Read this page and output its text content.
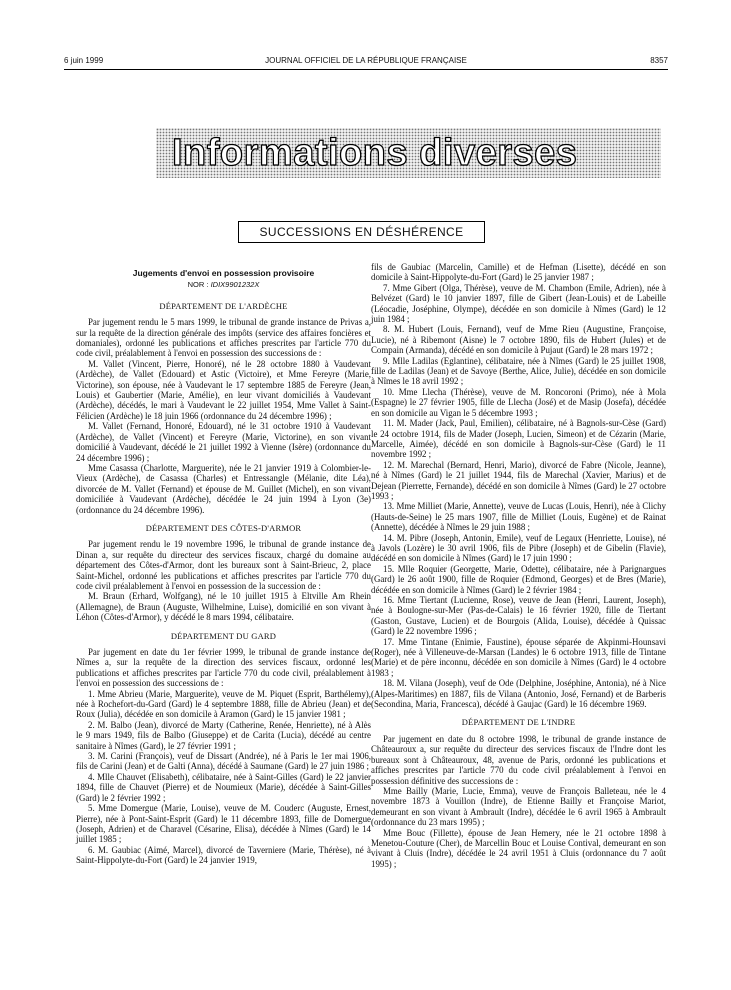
6 juin 1999	JOURNAL OFFICIEL DE LA RÉPUBLIQUE FRANÇAISE	8357
Informations diverses
SUCCESSIONS EN DÉSHÉRENCE
Jugements d'envoi en possession provisoire
NOR : IDIX9901232X
DÉPARTEMENT DE L'ARDÈCHE

Par jugement rendu le 5 mars 1999, le tribunal de grande instance de Privas a, sur la requête de la direction générale des impôts (service des affaires foncières et domaniales), ordonné les publications et affiches prescrites par l'article 770 du code civil, préalablement à l'envoi en possession des successions de :

M. Vallet (Vincent, Pierre, Honoré), né le 28 octobre 1880 à Vaudevant (Ardèche), de Vallet (Edouard) et Astic (Victoire), et Mme Fereyre (Marie, Victorine), son épouse, née à Vaudevant le 17 septembre 1885 de Fereyre (Jean, Louis) et Gaubertier (Marie, Amélie), en leur vivant domiciliés à Vaudevant (Ardèche), décédés, le mari à Vaudevant le 22 juillet 1954, Mme Vallet à Saint-Félicien (Ardèche) le 18 juin 1966 (ordonnance du 24 décembre 1996) ;

M. Vallet (Fernand, Honoré, Edouard), né le 31 octobre 1910 à Vaudevant (Ardèche), de Vallet (Vincent) et Fereyre (Marie, Victorine), en son vivant domicilié à Vaudevant, décédé le 21 juillet 1992 à Vienne (Isère) (ordonnance du 24 décembre 1996) ;

Mme Casassa (Charlotte, Marguerite), née le 21 janvier 1919 à Colombier-le-Vieux (Ardèche), de Casassa (Charles) et Entressangle (Mélanie, dite Léa), divorcée de M. Vallet (Fernand) et épouse de M. Guillet (Michel), en son vivant domiciliée à Vaudevant (Ardèche), décédée le 24 juin 1994 à Lyon (3e) (ordonnance du 24 décembre 1996).

DÉPARTEMENT DES CÔTES-D'ARMOR

Par jugement rendu le 19 novembre 1996, le tribunal de grande instance de Dinan a, sur requête du directeur des services fiscaux, chargé du domaine au département des Côtes-d'Armor, dont les bureaux sont à Saint-Brieuc, 2, place Saint-Michel, ordonné les publications et affiches prescrites par l'article 770 du code civil préalablement à l'envoi en possession de la succession de :

M. Braun (Erhard, Wolfgang), né le 10 juillet 1915 à Eltville Am Rhein (Allemagne), de Braun (Auguste, Wilhelmine, Luise), domicilié en son vivant à Léhon (Côtes-d'Armor), y décédé le 8 mars 1994, célibataire.

DÉPARTEMENT DU GARD

Par jugement en date du 1er février 1999, le tribunal de grande instance de Nîmes a, sur la requête de la direction des services fiscaux, ordonné les publications et affiches prescrites par l'article 770 du code civil, préalablement à l'envoi en possession des successions de :

1. Mme Abrieu (Marie, Marguerite), veuve de M. Piquet (Esprit, Barthélemy), née à Rochefort-du-Gard (Gard) le 4 septembre 1888, fille de Abrieu (Jean) et de Roux (Julia), décédée en son domicile à Aramon (Gard) le 15 janvier 1981 ;

2. M. Balbo (Jean), divorcé de Marty (Catherine, Renée, Henriette), né à Alès le 9 mars 1949, fils de Balbo (Giuseppe) et de Carita (Lucia), décédé au centre sanitaire à Nîmes (Gard), le 27 février 1991 ;

3. M. Carini (François), veuf de Dissart (Andrée), né à Paris le 1er mai 1906, fils de Carini (Jean) et de Galti (Anna), décédé à Saumane (Gard) le 27 juin 1986 ;

4. Mlle Chauvet (Elisabeth), célibataire, née à Saint-Gilles (Gard) le 22 janvier 1894, fille de Chauvet (Pierre) et de Noumieux (Marie), décédée à Saint-Gilles (Gard) le 2 février 1992 ;

5. Mme Domergue (Marie, Louise), veuve de M. Couderc (Auguste, Ernest, Pierre), née à Pont-Saint-Esprit (Gard) le 11 décembre 1893, fille de Domergue (Joseph, Adrien) et de Charavel (Césarine, Elisa), décédée à Nîmes (Gard) le 14 juillet 1985 ;

6. M. Gaubiac (Aimé, Marcel), divorcé de Taverniere (Marie, Thérèse), né à Saint-Hippolyte-du-Fort (Gard) le 24 janvier 1919,

fils de Gaubiac (Marcelin, Camille) et de Hefman (Lisette), décédé en son domicile à Saint-Hippolyte-du-Fort (Gard) le 25 janvier 1987 ;

7. Mme Gibert (Olga, Thérèse), veuve de M. Chambon (Emile, Adrien), née à Belvézet (Gard) le 10 janvier 1897, fille de Gibert (Jean-Louis) et de Labeille (Léocadie, Joséphine, Olympe), décédée en son domicile à Nîmes (Gard) le 12 juin 1984 ;

8. M. Hubert (Louis, Fernand), veuf de Mme Rieu (Augustine, Françoise, Lucie), né à Ribemont (Aisne) le 7 octobre 1890, fils de Hubert (Jules) et de Compain (Armanda), décédé en son domicile à Pujaut (Gard) le 28 mars 1972 ;

9. Mlle Ladilas (Eglantine), célibataire, née à Nîmes (Gard) le 25 juillet 1908, fille de Ladilas (Jean) et de Savoye (Berthe, Alice, Julie), décédée en son domicile à Nîmes le 18 avril 1992 ;

10. Mme Llecha (Thérèse), veuve de M. Roncoroni (Primo), née à Mola (Espagne) le 27 février 1905, fille de Llecha (José) et de Masip (Josefa), décédée en son domicile au Vigan le 5 décembre 1993 ;

11. M. Mader (Jack, Paul, Emilien), célibataire, né à Bagnols-sur-Cèse (Gard) le 24 octobre 1914, fils de Mader (Joseph, Lucien, Simeon) et de Cézarin (Marie, Marcelle, Aimée), décédé en son domicile à Bagnols-sur-Cèse (Gard) le 11 novembre 1992 ;

12. M. Marechal (Bernard, Henri, Mario), divorcé de Fabre (Nicole, Jeanne), né à Nîmes (Gard) le 21 juillet 1944, fils de Marechal (Xavier, Marius) et de Dejean (Pierrette, Fernande), décédé en son domicile à Nîmes (Gard) le 27 octobre 1993 ;

13. Mme Milliet (Marie, Annette), veuve de Lucas (Louis, Henri), née à Clichy (Hauts-de-Seine) le 25 mars 1907, fille de Milliet (Louis, Eugène) et de Rainat (Annette), décédée à Nîmes le 29 juin 1988 ;

14. M. Pibre (Joseph, Antonin, Emile), veuf de Legaux (Henriette, Louise), né à Javols (Lozère) le 30 avril 1906, fils de Pibre (Joseph) et de Gibelin (Flavie), décédé en son domicile à Nîmes (Gard) le 17 juin 1990 ;

15. Mlle Roquier (Georgette, Marie, Odette), célibataire, née à Parignargues (Gard) le 26 août 1900, fille de Roquier (Edmond, Georges) et de Bres (Marie), décédée en son domicile à Nîmes (Gard) le 2 février 1984 ;

16. Mme Tiertant (Lucienne, Rose), veuve de Jean (Henri, Laurent, Joseph), née à Boulogne-sur-Mer (Pas-de-Calais) le 16 février 1920, fille de Tiertant (Gaston, Gustave, Lucien) et de Bourgois (Alida, Louise), décédée à Quissac (Gard) le 22 novembre 1996 ;

17. Mme Tintane (Enimie, Faustine), épouse séparée de Akpinmi-Hounsavi (Roger), née à Villeneuve-de-Marsan (Landes) le 6 octobre 1913, fille de Tintane (Marie) et de père inconnu, décédée en son domicile à Nîmes (Gard) le 4 octobre 1983 ;

18. M. Vilana (Joseph), veuf de Ode (Delphine, Joséphine, Antonia), né à Nice (Alpes-Maritimes) en 1887, fils de Vilana (Antonio, José, Fernand) et de Barberis (Secondina, Maria, Francesca), décédé à Gaujac (Gard) le 16 décembre 1969.

DÉPARTEMENT DE L'INDRE

Par jugement en date du 8 octobre 1998, le tribunal de grande instance de Châteauroux a, sur requête du directeur des services fiscaux de l'Indre dont les bureaux sont à Châteauroux, 48, avenue de Paris, ordonné les publications et affiches prescrites par l'article 770 du code civil préalablement à l'envoi en possession définitive des successions de :

Mme Bailly (Marie, Lucie, Emma), veuve de François Balleteau, née le 4 novembre 1873 à Vouillon (Indre), de Etienne Bailly et Françoise Mariot, demeurant en son vivant à Ambrault (Indre), décédée le 6 avril 1965 à Ambrault (ordonnance du 23 mars 1995) ;

Mme Bouc (Fillette), épouse de Jean Hemery, née le 21 octobre 1898 à Menetou-Couture (Cher), de Marcellin Bouc et Louise Contival, demeurant en son vivant à Cluis (Indre), décédée le 24 avril 1951 à Cluis (ordonnance du 7 août 1995) ;
